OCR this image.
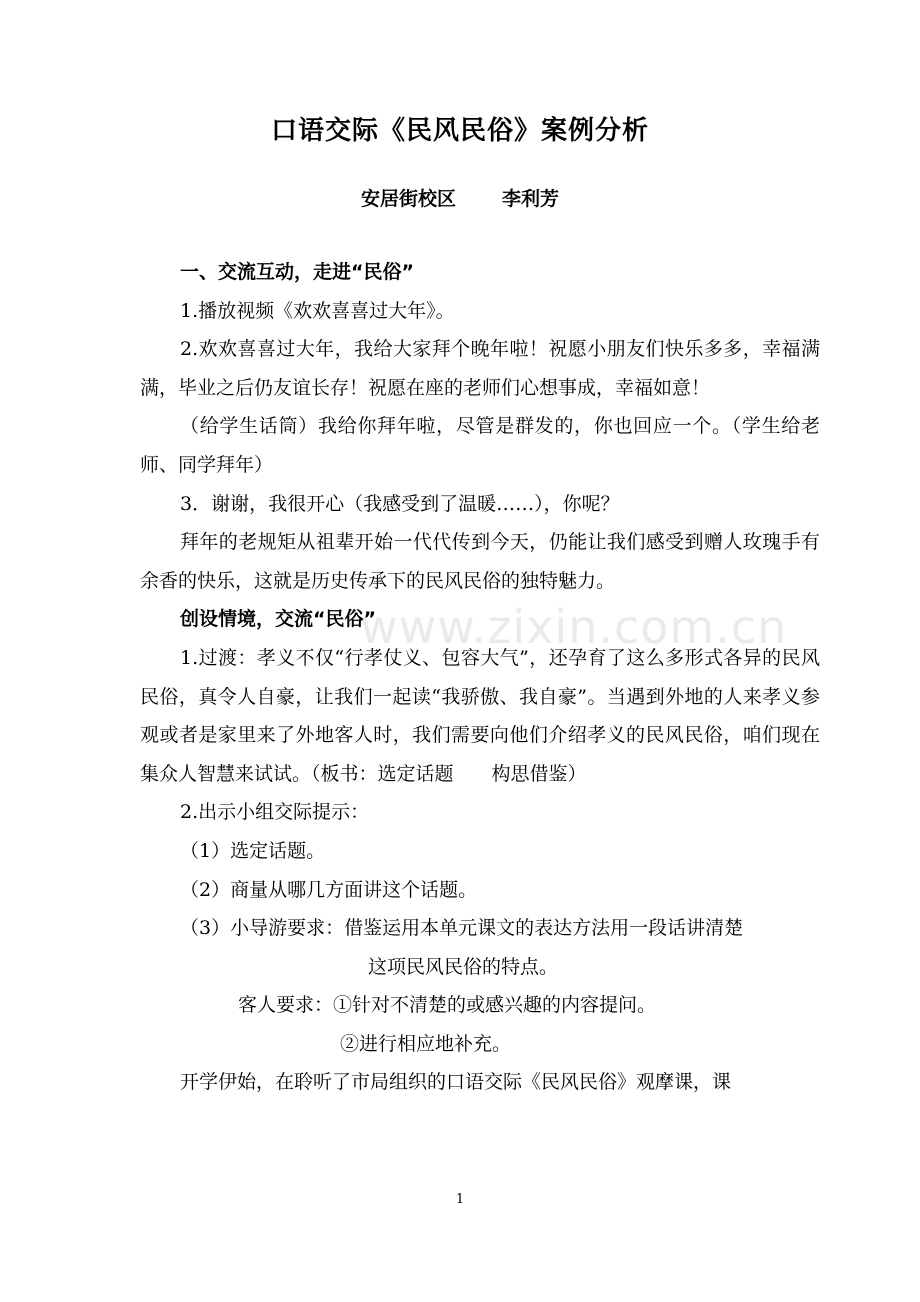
口语交际《民风民俗》案例分析
安居街校区 李利芳

一、交流互动，走进“民俗”

1.播放视频《欢欢喜喜过大年》。

2.欢欢喜喜过大年，我给大家拜个晚年啦！祝愿小朋友们快乐多多，幸福满满，毕业之后仍友谊长存！祝愿在座的老师们心想事成，幸福如意！

（给学生话筒）我给你拜年啦，尽管是群发的，你也回应一个。（学生给老师、同学拜年）

3．谢谢，我很开心（我感受到了温暖……），你呢？

拜年的老规矩从祖辈开始一代代传到今天，仍能让我们感受到赠人玫瑰手有余香的快乐，这就是历史传承下的民风民俗的独特魅力。

创设情境，交流“民俗”

1.过渡：孝义不仅“行孝仗义、包容大气”，还孕育了这么多形式各异的民风民俗，真令人自豪，让我们一起读“我骄傲、我自豪”。当遇到外地的人来孝义参观或者是家里来了外地客人时，我们需要向他们介绍孝义的民风民俗，咱们现在集众人智慧来试试。（板书：选定话题　　构思借鉴）

2.出示小组交际提示：

（1）选定话题。

（2）商量从哪几方面讲这个话题。

（3）小导游要求：借鉴运用本单元课文的表达方法用一段话讲清楚

这项民风民俗的特点。

客人要求：①针对不清楚的或感兴趣的内容提问。

②进行相应地补充。

开学伊始，在聆听了市局组织的口语交际《民风民俗》观摩课，课

www.zixin.com.cn
1
